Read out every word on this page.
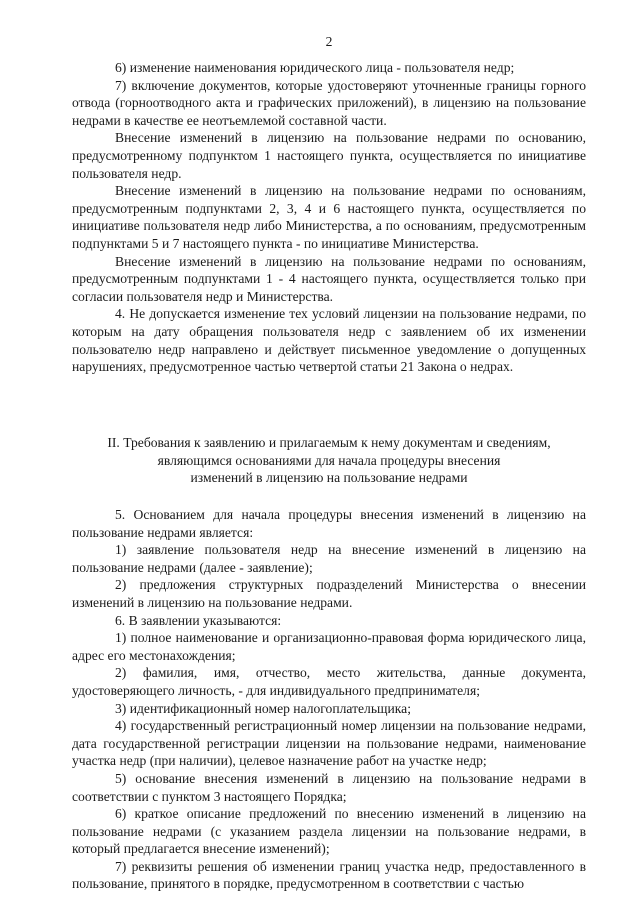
2

6) изменение наименования юридического лица - пользователя недр;

7) включение документов, которые удостоверяют уточненные границы горного отвода (горноотводного акта и графических приложений), в лицензию на пользование недрами в качестве ее неотъемлемой составной части.

Внесение изменений в лицензию на пользование недрами по основанию, предусмотренному подпунктом 1 настоящего пункта, осуществляется по инициативе пользователя недр.

Внесение изменений в лицензию на пользование недрами по основаниям, предусмотренным подпунктами 2, 3, 4 и 6 настоящего пункта, осуществляется по инициативе пользователя недр либо Министерства, а по основаниям, предусмотренным подпунктами 5 и 7 настоящего пункта - по инициативе Министерства.

Внесение изменений в лицензию на пользование недрами по основаниям, предусмотренным подпунктами 1 - 4 настоящего пункта, осуществляется только при согласии пользователя недр и Министерства.

4. Не допускается изменение тех условий лицензии на пользование недрами, по которым на дату обращения пользователя недр с заявлением об их изменении пользователю недр направлено и действует письменное уведомление о допущенных нарушениях, предусмотренное частью четвертой статьи 21 Закона о недрах.

II. Требования к заявлению и прилагаемым к нему документам и сведениям,
являющимся основаниями для начала процедуры внесения
изменений в лицензию на пользование недрами

5. Основанием для начала процедуры внесения изменений в лицензию на пользование недрами является:

1) заявление пользователя недр на внесение изменений в лицензию на пользование недрами (далее - заявление);

2) предложения структурных подразделений Министерства о внесении изменений в лицензию на пользование недрами.

6. В заявлении указываются:

1) полное наименование и организационно-правовая форма юридического лица, адрес его местонахождения;

2) фамилия, имя, отчество, место жительства, данные документа, удостоверяющего личность, - для индивидуального предпринимателя;

3) идентификационный номер налогоплательщика;

4) государственный регистрационный номер лицензии на пользование недрами, дата государственной регистрации лицензии на пользование недрами, наименование участка недр (при наличии), целевое назначение работ на участке недр;

5) основание внесения изменений в лицензию на пользование недрами в соответствии с пунктом 3 настоящего Порядка;

6) краткое описание предложений по внесению изменений в лицензию на пользование недрами (с указанием раздела лицензии на пользование недрами, в который предлагается внесение изменений);

7) реквизиты решения об изменении границ участка недр, предоставленного в пользование, принятого в порядке, предусмотренном в соответствии с частью
